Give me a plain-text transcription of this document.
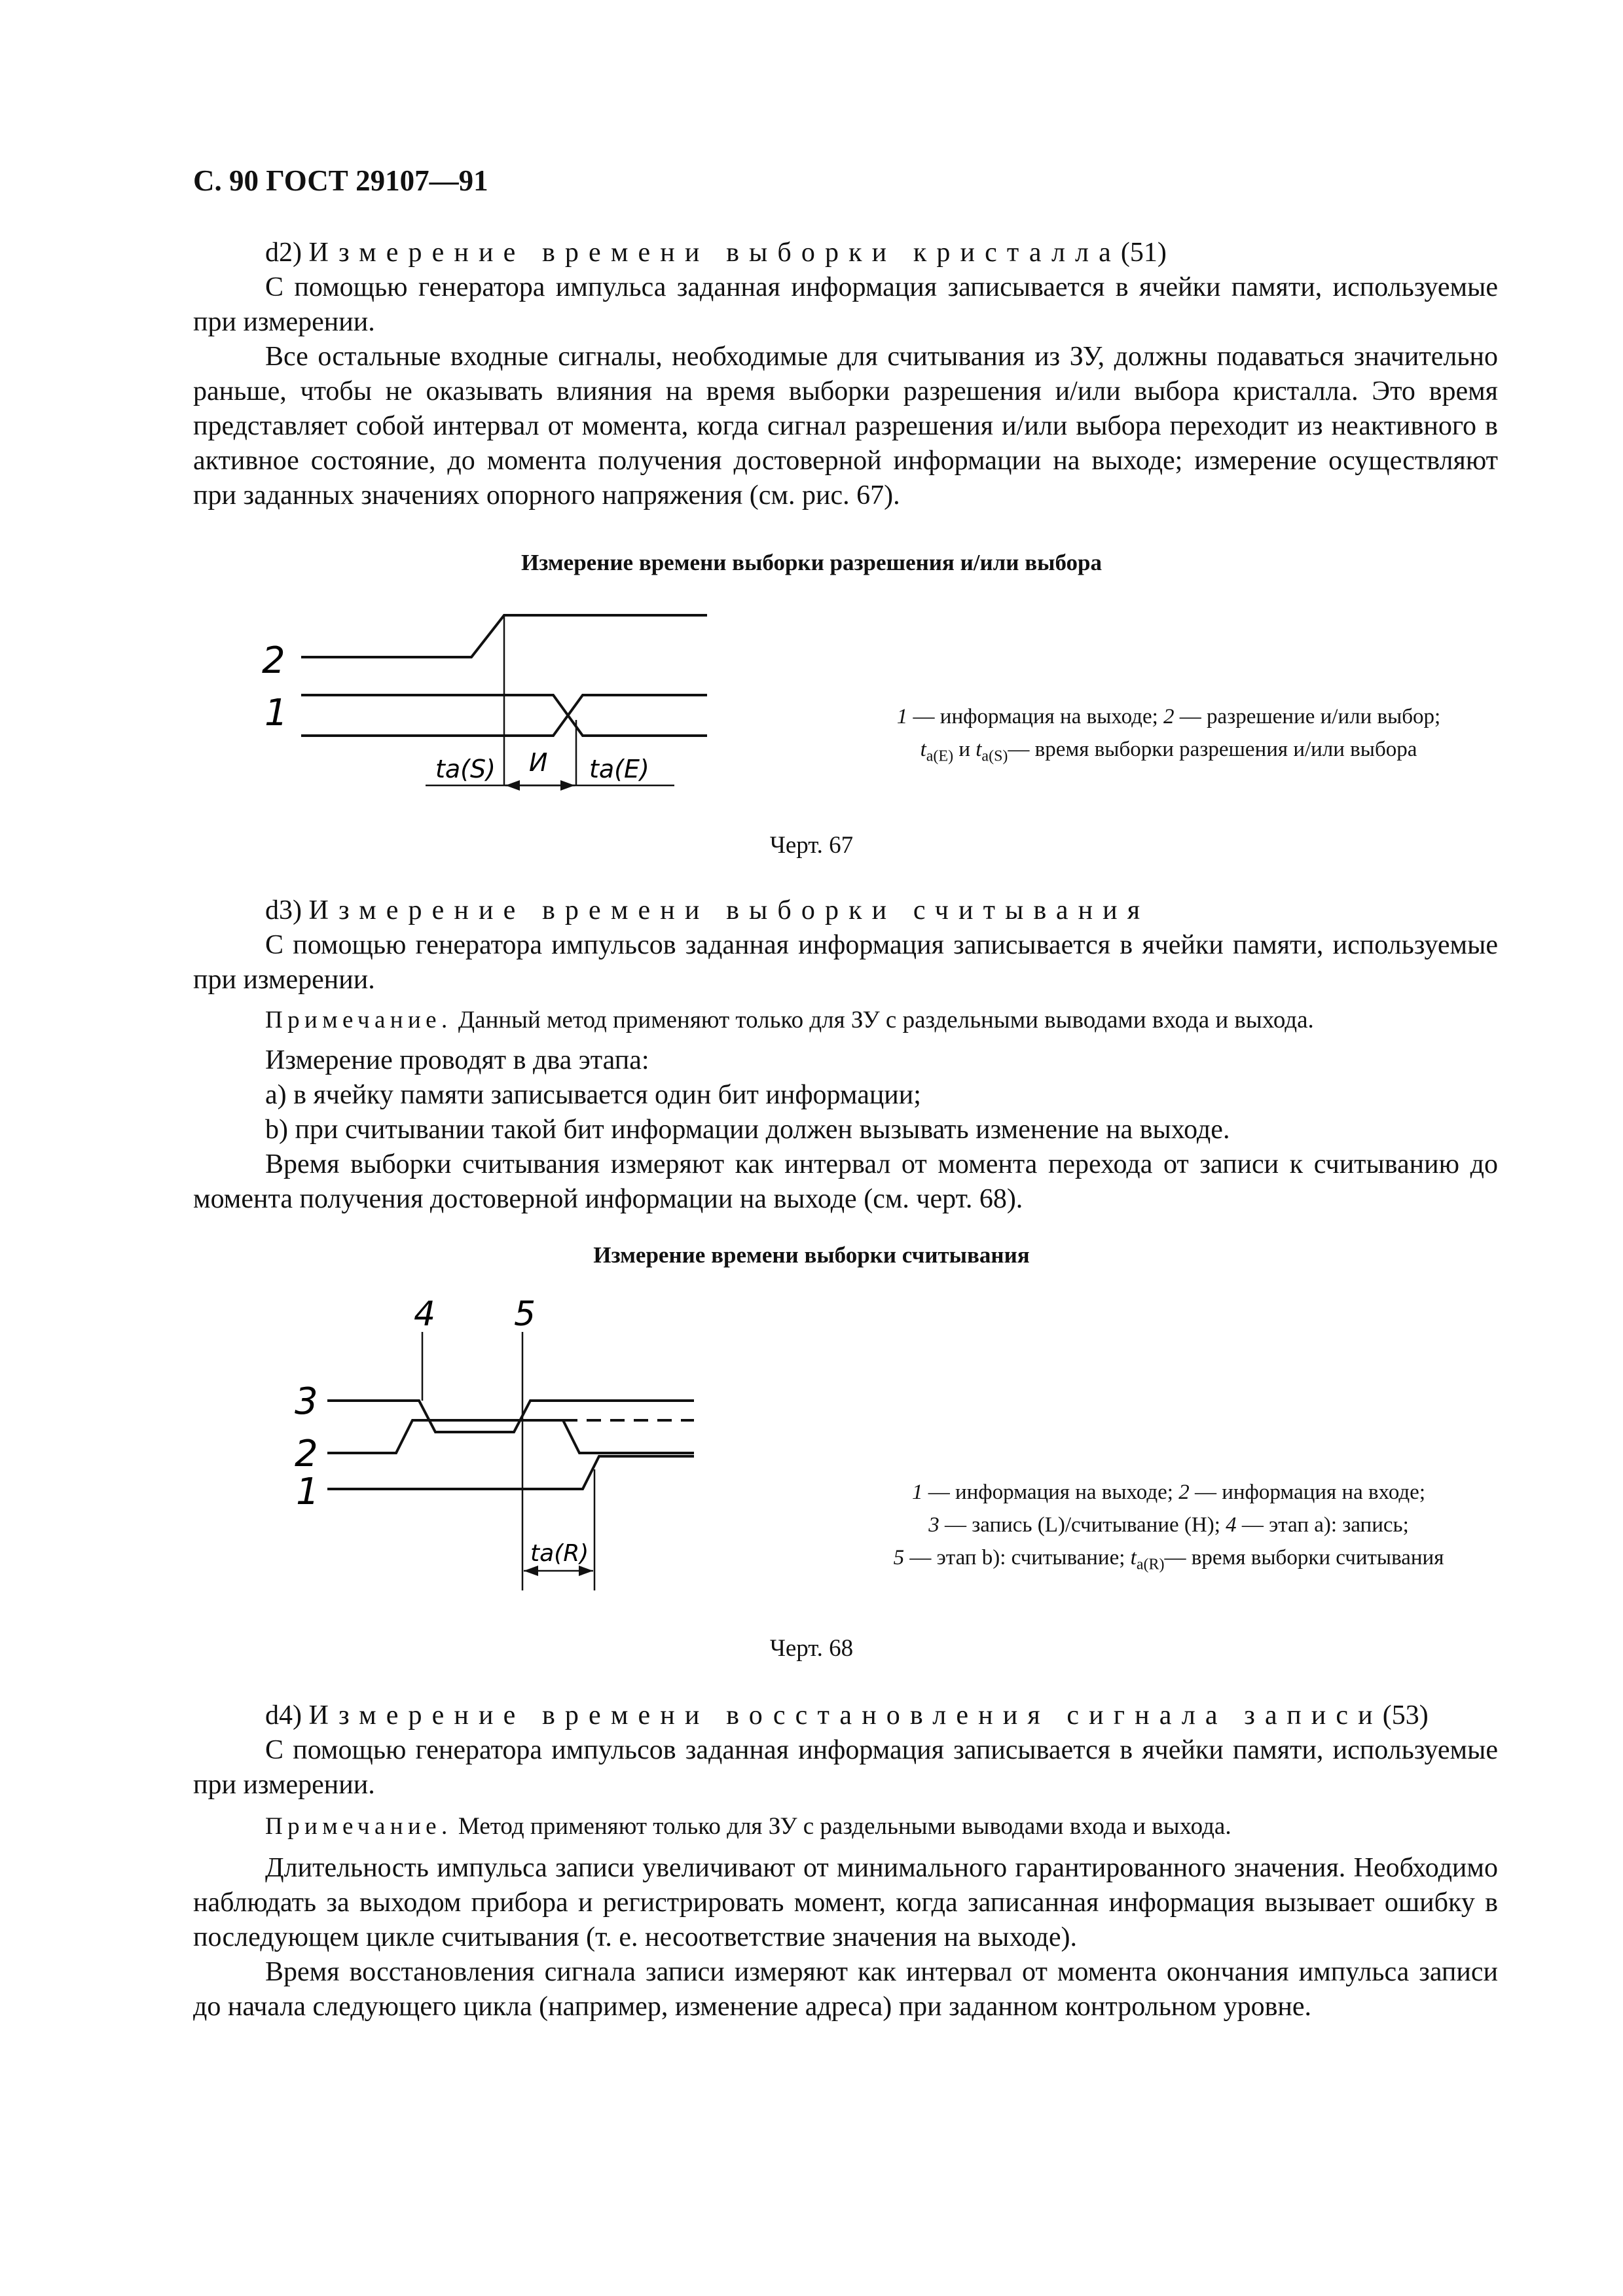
С. 90 ГОСТ 29107—91

d2) Измерение времени выборки кристалла(51)

С помощью генератора импульса заданная информация записывается в ячейки памяти, используемые при измерении.

Все остальные входные сигналы, необходимые для считывания из ЗУ, должны подаваться значительно раньше, чтобы не оказывать влияния на время выборки разрешения и/или выбора кристалла. Это время представляет собой интервал от момента, когда сигнал разрешения и/или выбора переходит из неактивного в активное состояние, до момента получения достоверной информации на выходе; измерение осуществляют при заданных значениях опорного напряжения (см. рис. 67).

Измерение времени выборки разрешения и/или выбора
2
1
ta(S) И ta(E)
1 — информация на выходе; 2 — разрешение и/или выбор;
$t_{a(E)}$ и $t_{a(S)}—$ время выборки разрешения и/или выбора
Черт. 67

d3) Измерение времени выборки считывания

С помощью генератора импульсов заданная информация записывается в ячейки памяти, используемые при измерении.

Примечание. Данный метод применяют только для ЗУ с раздельными выводами входа и выхода.

Измерение проводят в два этапа:

a) в ячейку памяти записывается один бит информации;

b) при считывании такой бит информации должен вызывать изменение на выходе.

Время выборки считывания измеряют как интервал от момента перехода от записи к считыванию до момента получения достоверной информации на выходе (см. черт. 68).

Измерение времени выборки считывания
4 5
3
2
1
ta(R)
1 — информация на выходе; 2 — информация на входе;
3 — запись (L)/считывание (H); 4 — этап а): запись;
5 — этап b): считывание; $t_{a(R)}—$ время выборки считывания
Черт. 68

d4) Измерение времени восстановления сигнала записи(53)

С помощью генератора импульсов заданная информация записывается в ячейки памяти, используемые при измерении.

Примечание. Метод применяют только для ЗУ с раздельными выводами входа и выхода.

Длительность импульса записи увеличивают от минимального гарантированного значения. Необходимо наблюдать за выходом прибора и регистрировать момент, когда записанная информация вызывает ошибку в последующем цикле считывания (т. е. несоответствие значения на выходе).

Время восстановления сигнала записи измеряют как интервал от момента окончания импульса записи до начала следующего цикла (например, изменение адреса) при заданном контрольном уровне.
